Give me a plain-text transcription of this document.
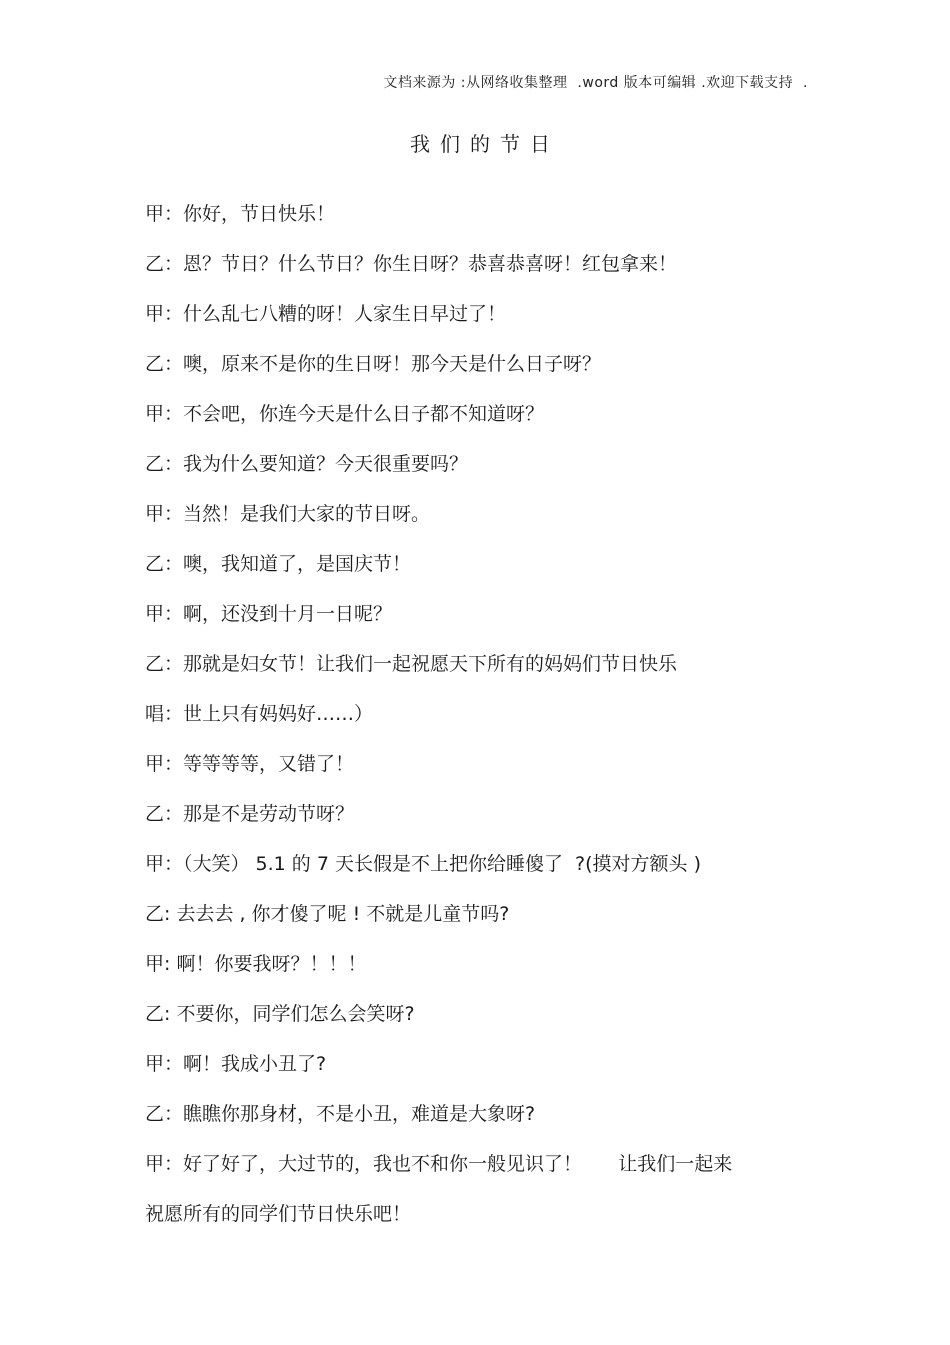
文档来源为 :从网络收集整理  .word 版本可编辑 .欢迎下载支持  .
我们的节日
甲：你好，节日快乐！
乙：恩？节日？什么节日？你生日呀？恭喜恭喜呀！红包拿来！
甲：什么乱七八糟的呀！人家生日早过了！
乙：噢，原来不是你的生日呀！那今天是什么日子呀？
甲：不会吧，你连今天是什么日子都不知道呀？
乙：我为什么要知道？今天很重要吗？
甲：当然！是我们大家的节日呀。
乙：噢，我知道了，是国庆节！
甲：啊，还没到十月一日呢？
乙：那就是妇女节！让我们一起祝愿天下所有的妈妈们节日快乐
唱：世上只有妈妈好……）
甲：等等等等，又错了！
乙：那是不是劳动节呀？
甲：（大笑） 5.1 的 7 天长假是不上把你给睡傻了  ?(摸对方额头 )
乙: 去去去 , 你才傻了呢 ! 不就是儿童节吗?
甲: 啊！你要我呀？！！！
乙: 不要你，同学们怎么会笑呀?
甲：啊！我成小丑了?
乙：瞧瞧你那身材，不是小丑，难道是大象呀?
甲：好了好了，大过节的，我也不和你一般见识了！      让我们一起来
祝愿所有的同学们节日快乐吧！
